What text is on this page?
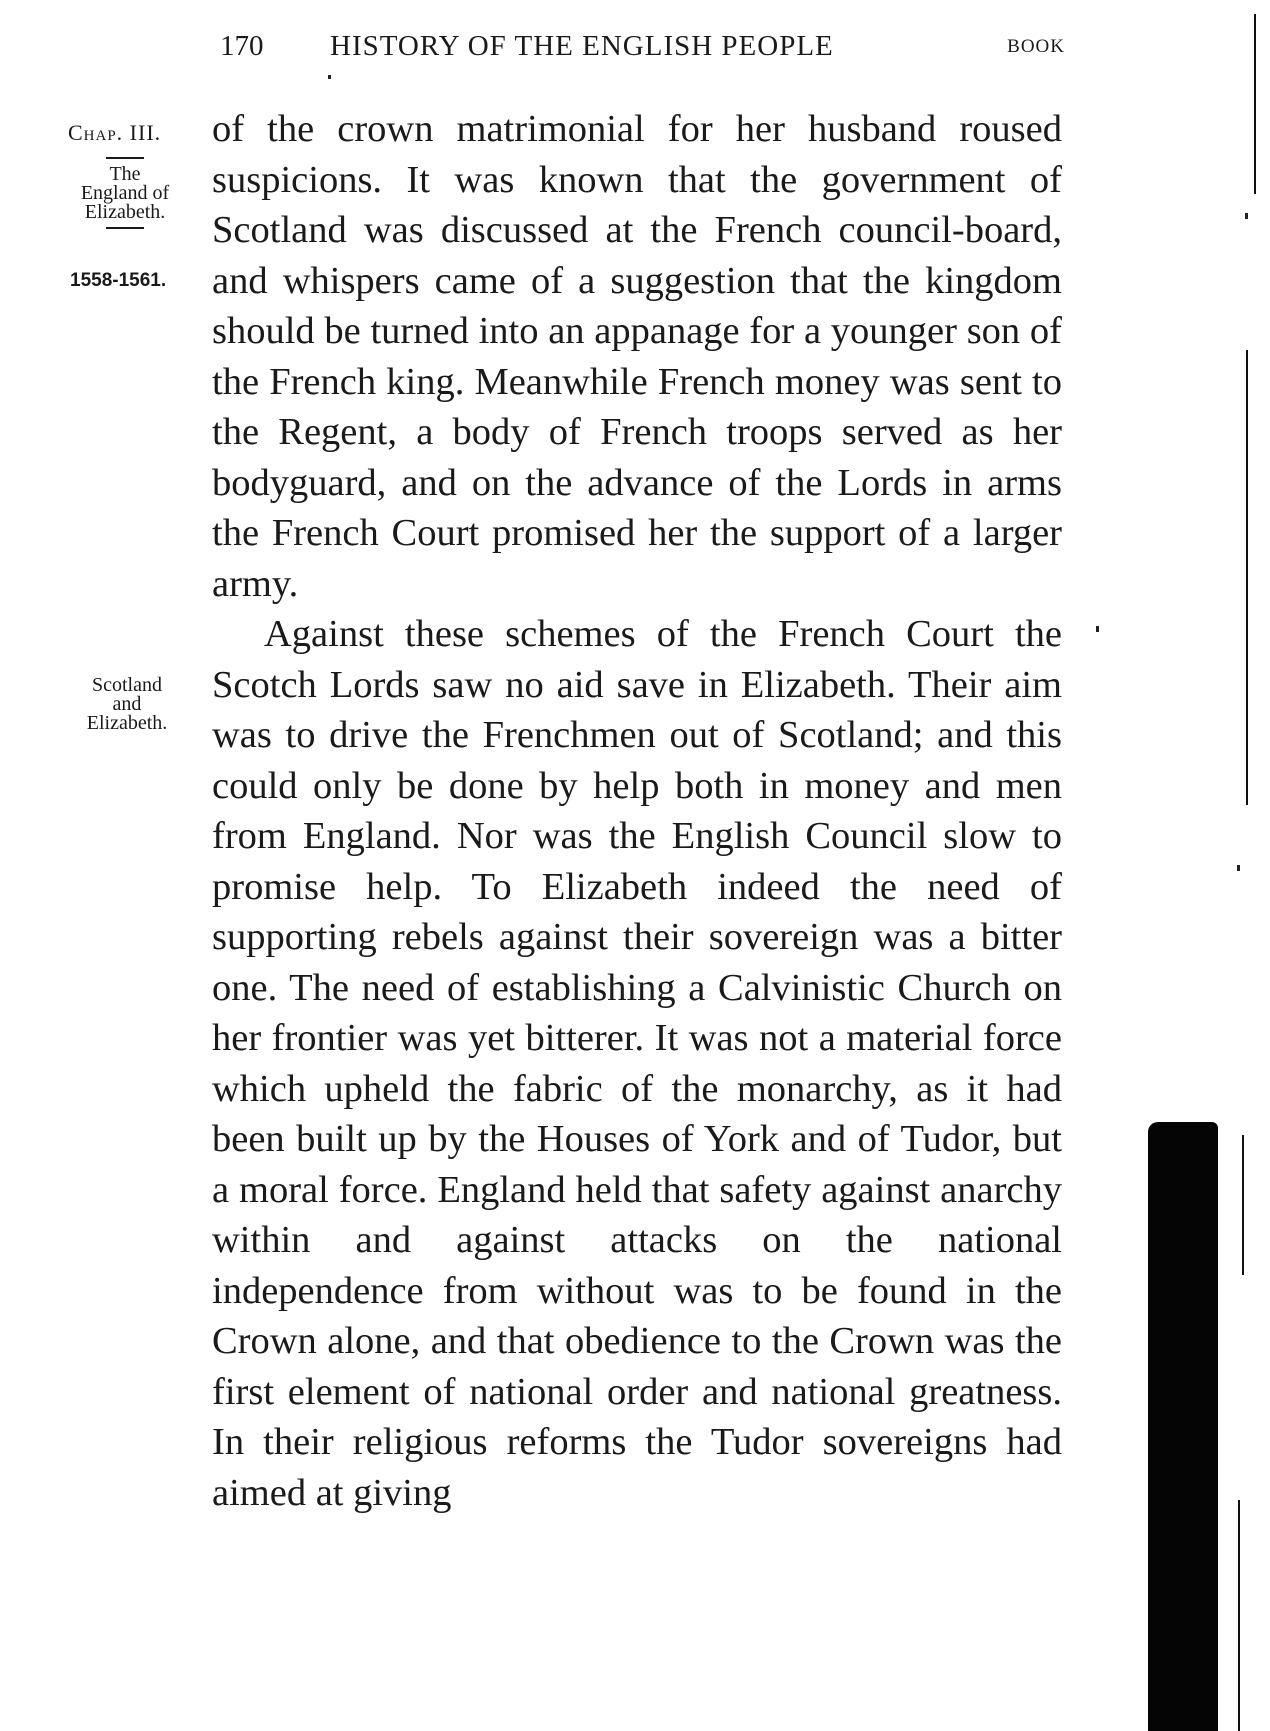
170 HISTORY OF THE ENGLISH PEOPLE	BOOK
Chap. III.
The
England of
Elizabeth.
1558-1561.
Scotland
and
Elizabeth.

of the crown matrimonial for her husband roused suspicions. It was known that the government of Scotland was discussed at the French council-board, and whispers came of a suggestion that the kingdom should be turned into an appanage for a younger son of the French king. Meanwhile French money was sent to the Regent, a body of French troops served as her bodyguard, and on the advance of the Lords in arms the French Court promised her the support of a larger army.

Against these schemes of the French Court the Scotch Lords saw no aid save in Elizabeth. Their aim was to drive the Frenchmen out of Scotland; and this could only be done by help both in money and men from England. Nor was the English Council slow to promise help. To Elizabeth indeed the need of supporting rebels against their sovereign was a bitter one. The need of establishing a Calvinistic Church on her frontier was yet bitterer. It was not a material force which upheld the fabric of the monarchy, as it had been built up by the Houses of York and of Tudor, but a moral force. England held that safety against anarchy within and against attacks on the national independence from without was to be found in the Crown alone, and that obedience to the Crown was the first element of national order and national greatness. In their religious reforms the Tudor sovereigns had aimed at giving
